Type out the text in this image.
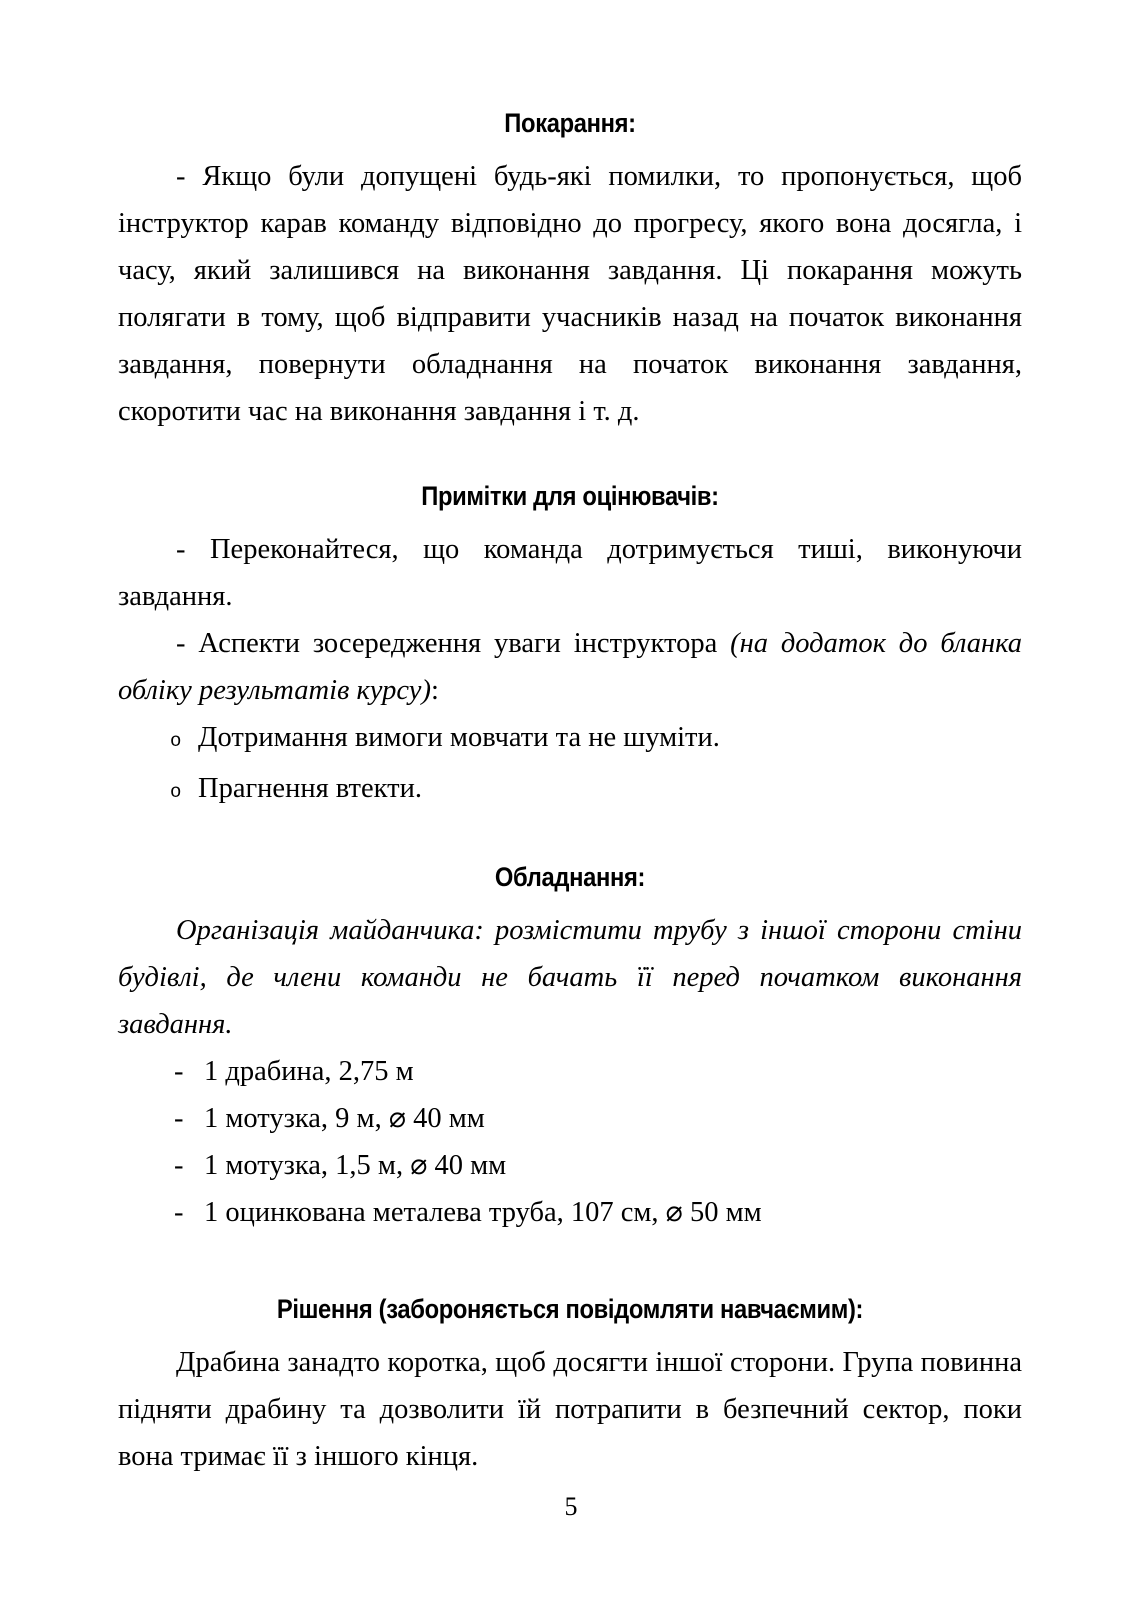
Покарання:

- Якщо були допущені будь-які помилки, то пропонується, щоб інструктор карав команду відповідно до прогресу, якого вона досягла, і часу, який залишився на виконання завдання. Ці покарання можуть полягати в тому, щоб відправити учасників назад на початок виконання завдання, повернути обладнання на початок виконання завдання, скоротити час на виконання завдання і т. д.

Примітки для оцінювачів:

- Переконайтеся, що команда дотримується тиші, виконуючи завдання.

- Аспекти зосередження уваги інструктора (на додаток до бланка обліку результатів курсу):

o Дотримання вимоги мовчати та не шуміти.
o Прагнення втекти.
Обладнання:

Організація майданчика: розмістити трубу з іншої сторони стіни будівлі, де члени команди не бачать її перед початком виконання завдання.

- 1 драбина, 2,75 м
- 1 мотузка, 9 м, ⌀ 40 мм
- 1 мотузка, 1,5 м, ⌀ 40 мм
- 1 оцинкована металева труба, 107 см, ⌀ 50 мм
Рішення (забороняється повідомляти навчаємим):

Драбина занадто коротка, щоб досягти іншої сторони. Група повинна підняти драбину та дозволити їй потрапити в безпечний сектор, поки вона тримає її з іншого кінця.

5
